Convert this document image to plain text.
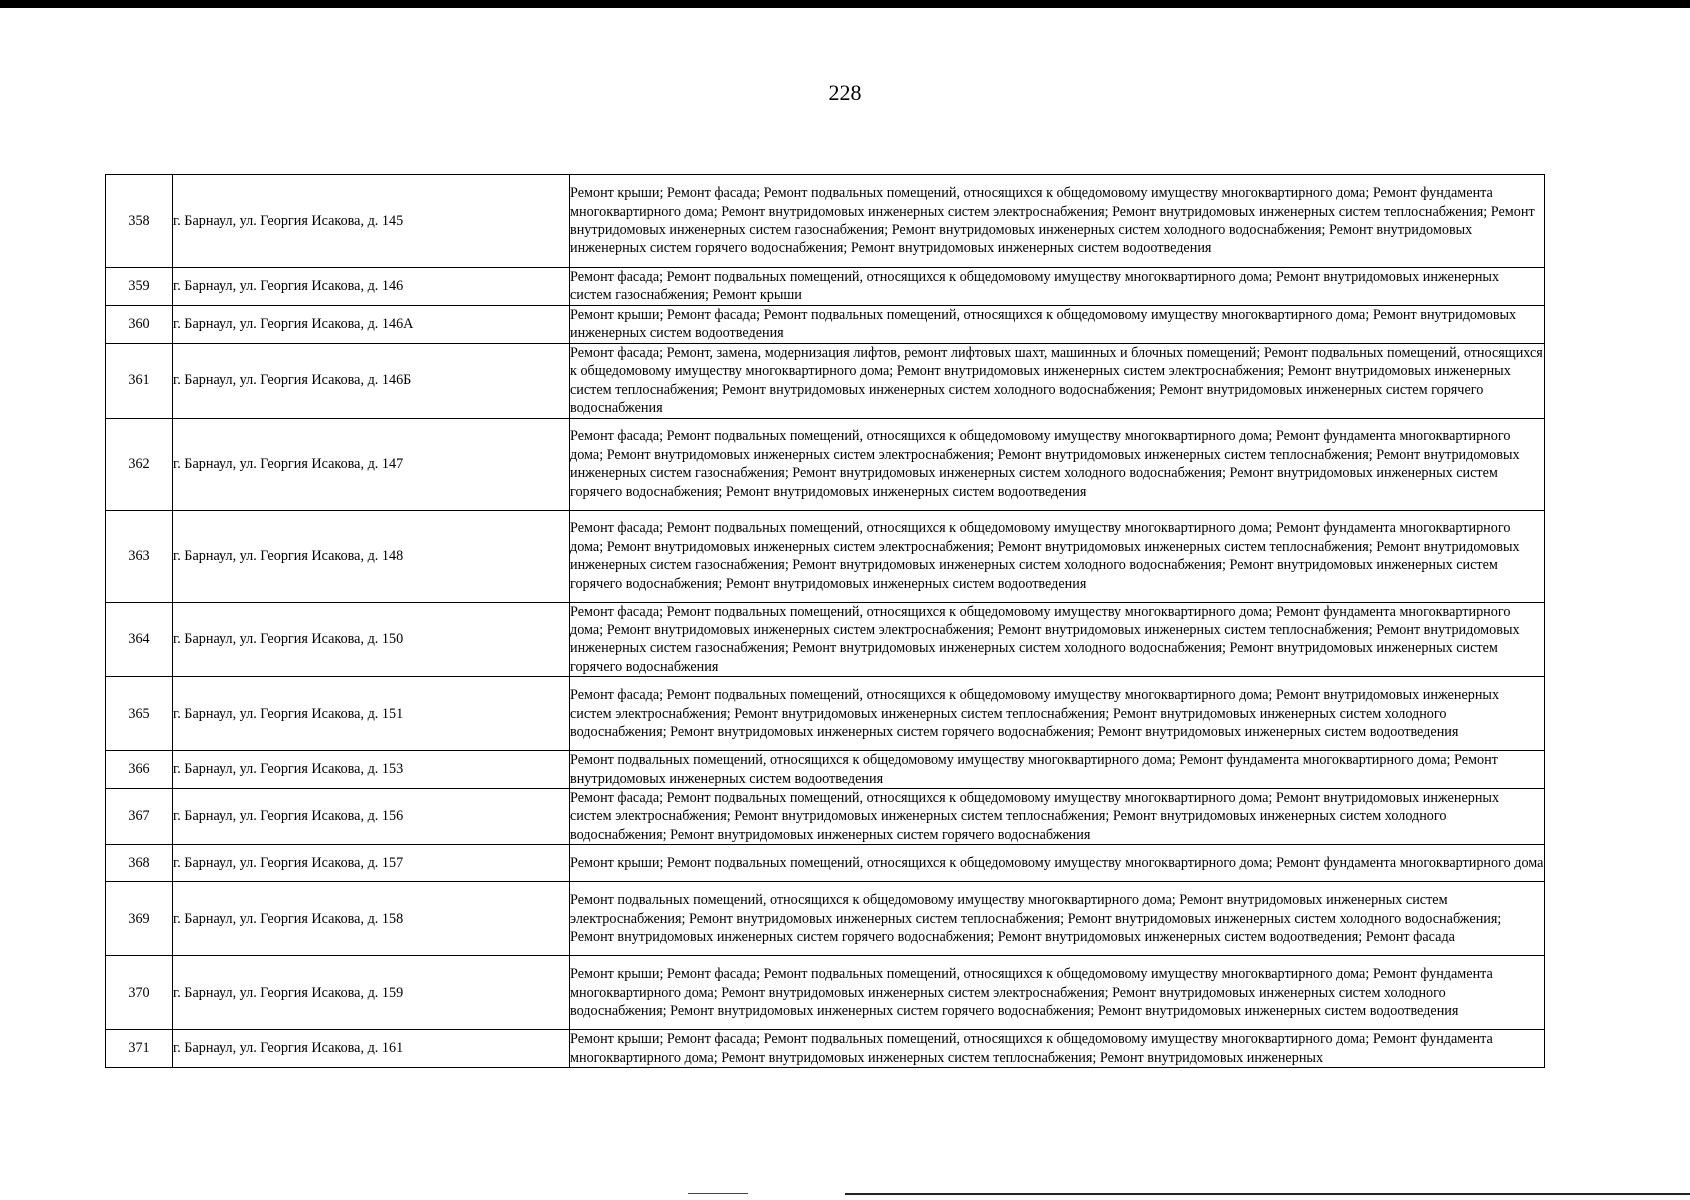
228
358	г. Барнаул, ул. Георгия Исакова, д. 145	Ремонт крыши; Ремонт фасада; Ремонт подвальных помещений, относящихся к общедомовому имуществу многоквартирного дома; Ремонт фундамента многоквартирного дома; Ремонт внутридомовых инженерных систем электроснабжения; Ремонт внутридомовых инженерных систем теплоснабжения; Ремонт внутридомовых инженерных систем газоснабжения; Ремонт внутридомовых инженерных систем холодного водоснабжения; Ремонт внутридомовых инженерных систем горячего водоснабжения; Ремонт внутридомовых инженерных систем водоотведения
359	г. Барнаул, ул. Георгия Исакова, д. 146	Ремонт фасада; Ремонт подвальных помещений, относящихся к общедомовому имуществу многоквартирного дома; Ремонт внутридомовых инженерных систем газоснабжения; Ремонт крыши
360	г. Барнаул, ул. Георгия Исакова, д. 146А	Ремонт крыши; Ремонт фасада; Ремонт подвальных помещений, относящихся к общедомовому имуществу многоквартирного дома; Ремонт внутридомовых инженерных систем водоотведения
361	г. Барнаул, ул. Георгия Исакова, д. 146Б	Ремонт фасада; Ремонт, замена, модернизация лифтов, ремонт лифтовых шахт, машинных и блочных помещений; Ремонт подвальных помещений, относящихся к общедомовому имуществу многоквартирного дома; Ремонт внутридомовых инженерных систем электроснабжения; Ремонт внутридомовых инженерных систем теплоснабжения; Ремонт внутридомовых инженерных систем холодного водоснабжения; Ремонт внутридомовых инженерных систем горячего водоснабжения
362	г. Барнаул, ул. Георгия Исакова, д. 147	Ремонт фасада; Ремонт подвальных помещений, относящихся к общедомовому имуществу многоквартирного дома; Ремонт фундамента многоквартирного дома; Ремонт внутридомовых инженерных систем электроснабжения; Ремонт внутридомовых инженерных систем теплоснабжения; Ремонт внутридомовых инженерных систем газоснабжения; Ремонт внутридомовых инженерных систем холодного водоснабжения; Ремонт внутридомовых инженерных систем горячего водоснабжения; Ремонт внутридомовых инженерных систем водоотведения
363	г. Барнаул, ул. Георгия Исакова, д. 148	Ремонт фасада; Ремонт подвальных помещений, относящихся к общедомовому имуществу многоквартирного дома; Ремонт фундамента многоквартирного дома; Ремонт внутридомовых инженерных систем электроснабжения; Ремонт внутридомовых инженерных систем теплоснабжения; Ремонт внутридомовых инженерных систем газоснабжения; Ремонт внутридомовых инженерных систем холодного водоснабжения; Ремонт внутридомовых инженерных систем горячего водоснабжения; Ремонт внутридомовых инженерных систем водоотведения
364	г. Барнаул, ул. Георгия Исакова, д. 150	Ремонт фасада; Ремонт подвальных помещений, относящихся к общедомовому имуществу многоквартирного дома; Ремонт фундамента многоквартирного дома; Ремонт внутридомовых инженерных систем электроснабжения; Ремонт внутридомовых инженерных систем теплоснабжения; Ремонт внутридомовых инженерных систем газоснабжения; Ремонт внутридомовых инженерных систем холодного водоснабжения; Ремонт внутридомовых инженерных систем горячего водоснабжения
365	г. Барнаул, ул. Георгия Исакова, д. 151	Ремонт фасада; Ремонт подвальных помещений, относящихся к общедомовому имуществу многоквартирного дома; Ремонт внутридомовых инженерных систем электроснабжения; Ремонт внутридомовых инженерных систем теплоснабжения; Ремонт внутридомовых инженерных систем холодного водоснабжения; Ремонт внутридомовых инженерных систем горячего водоснабжения; Ремонт внутридомовых инженерных систем водоотведения
366	г. Барнаул, ул. Георгия Исакова, д. 153	Ремонт подвальных помещений, относящихся к общедомовому имуществу многоквартирного дома; Ремонт фундамента многоквартирного дома; Ремонт внутридомовых инженерных систем водоотведения
367	г. Барнаул, ул. Георгия Исакова, д. 156	Ремонт фасада; Ремонт подвальных помещений, относящихся к общедомовому имуществу многоквартирного дома; Ремонт внутридомовых инженерных систем электроснабжения; Ремонт внутридомовых инженерных систем теплоснабжения; Ремонт внутридомовых инженерных систем холодного водоснабжения; Ремонт внутридомовых инженерных систем горячего водоснабжения
368	г. Барнаул, ул. Георгия Исакова, д. 157	Ремонт крыши; Ремонт подвальных помещений, относящихся к общедомовому имуществу многоквартирного дома; Ремонт фундамента многоквартирного дома
369	г. Барнаул, ул. Георгия Исакова, д. 158	Ремонт подвальных помещений, относящихся к общедомовому имуществу многоквартирного дома; Ремонт внутридомовых инженерных систем электроснабжения; Ремонт внутридомовых инженерных систем теплоснабжения; Ремонт внутридомовых инженерных систем холодного водоснабжения; Ремонт внутридомовых инженерных систем горячего водоснабжения; Ремонт внутридомовых инженерных систем водоотведения; Ремонт фасада
370	г. Барнаул, ул. Георгия Исакова, д. 159	Ремонт крыши; Ремонт фасада; Ремонт подвальных помещений, относящихся к общедомовому имуществу многоквартирного дома; Ремонт фундамента многоквартирного дома; Ремонт внутридомовых инженерных систем электроснабжения; Ремонт внутридомовых инженерных систем холодного водоснабжения; Ремонт внутридомовых инженерных систем горячего водоснабжения; Ремонт внутридомовых инженерных систем водоотведения
371	г. Барнаул, ул. Георгия Исакова, д. 161	Ремонт крыши; Ремонт фасада; Ремонт подвальных помещений, относящихся к общедомовому имуществу многоквартирного дома; Ремонт фундамента многоквартирного дома; Ремонт внутридомовых инженерных систем теплоснабжения; Ремонт внутридомовых инженерных
